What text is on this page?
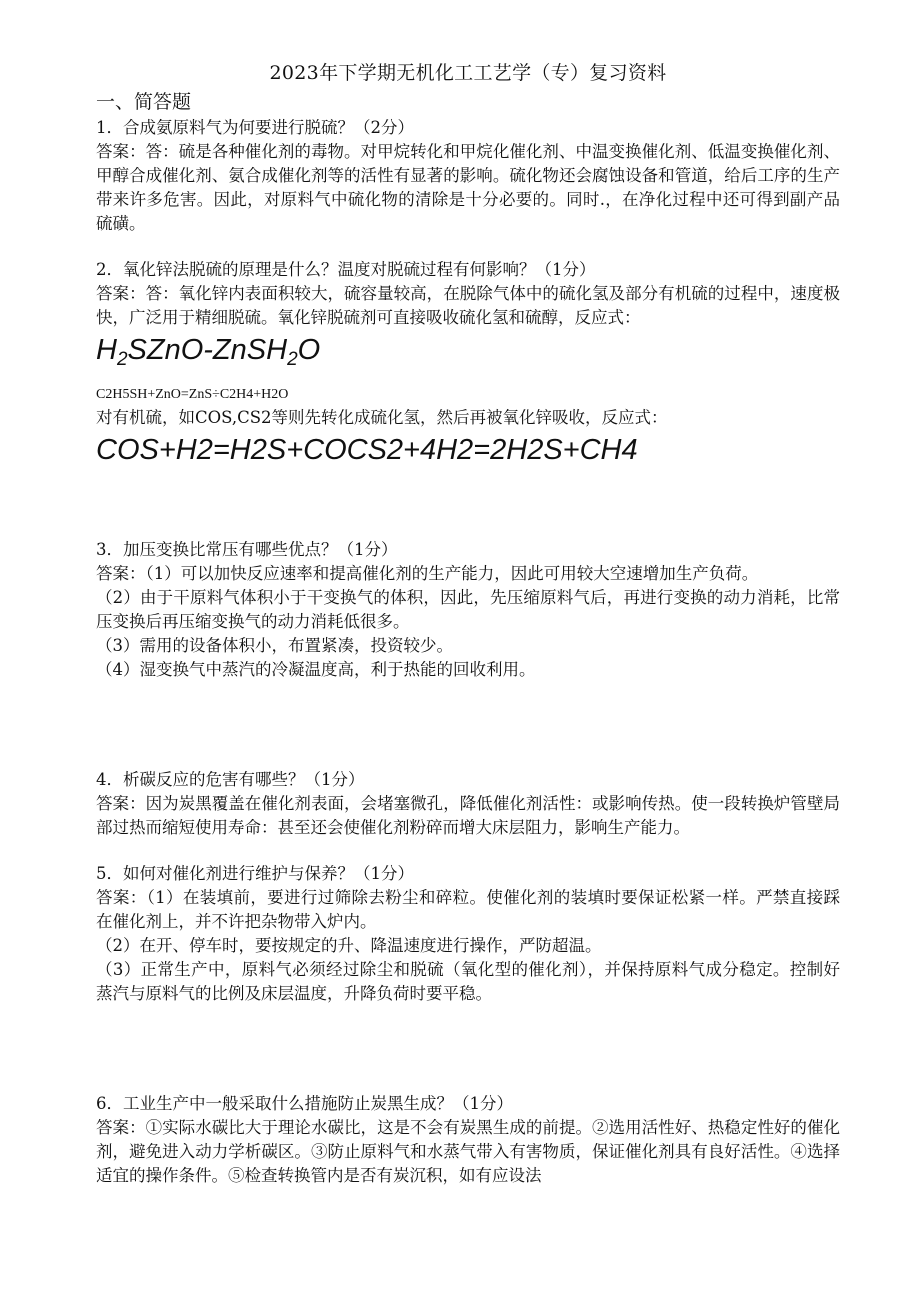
2023年下学期无机化工工艺学（专）复习资料
一、简答题
1．合成氨原料气为何要进行脱硫？（2分）
答案：答：硫是各种催化剂的毒物。对甲烷转化和甲烷化催化剂、中温变换催化剂、低温变换催化剂、甲醇合成催化剂、氨合成催化剂等的活性有显著的影响。硫化物还会腐蚀设备和管道，给后工序的生产带来许多危害。因此，对原料气中硫化物的清除是十分必要的。同时.，在净化过程中还可得到副产品硫磺。
2．氧化锌法脱硫的原理是什么？温度对脱硫过程有何影响？（1分）
答案：答：氧化锌内表面积较大，硫容量较高，在脱除气体中的硫化氢及部分有机硫的过程中，速度极快，广泛用于精细脱硫。氧化锌脱硫剂可直接吸收硫化氢和硫醇，反应式：
$H_2SZnO-ZnSH_2O$
C2H5SH+ZnO=ZnS÷C2H4+H2O
对有机硫，如COS,CS2等则先转化成硫化氢，然后再被氧化锌吸收，反应式：
COS+H2=H2S+COCS2+4H2=2H2S+CH4
3．加压变换比常压有哪些优点？（1分）
答案：（1）可以加快反应速率和提高催化剂的生产能力，因此可用较大空速增加生产负荷。
（2）由于干原料气体积小于干变换气的体积，因此，先压缩原料气后，再进行变换的动力消耗，比常压变换后再压缩变换气的动力消耗低很多。
（3）需用的设备体积小，布置紧凑，投资较少。
（4）湿变换气中蒸汽的冷凝温度高，利于热能的回收利用。
4．析碳反应的危害有哪些？（1分）
答案：因为炭黑覆盖在催化剂表面，会堵塞微孔，降低催化剂活性：或影响传热。使一段转换炉管壁局部过热而缩短使用寿命：甚至还会使催化剂粉碎而增大床层阻力，影响生产能力。
5．如何对催化剂进行维护与保养？（1分）
答案：（1）在装填前，要进行过筛除去粉尘和碎粒。使催化剂的装填时要保证松紧一样。严禁直接踩在催化剂上，并不许把杂物带入炉内。
（2）在开、停车时，要按规定的升、降温速度进行操作，严防超温。
（3）正常生产中，原料气必须经过除尘和脱硫（氧化型的催化剂），并保持原料气成分稳定。控制好蒸汽与原料气的比例及床层温度，升降负荷时要平稳。
6．工业生产中一般采取什么措施防止炭黑生成？（1分）
答案：①实际水碳比大于理论水碳比，这是不会有炭黑生成的前提。②选用活性好、热稳定性好的催化剂，避免进入动力学析碳区。③防止原料气和水蒸气带入有害物质，保证催化剂具有良好活性。④选择适宜的操作条件。⑤检查转换管内是否有炭沉积，如有应设法
